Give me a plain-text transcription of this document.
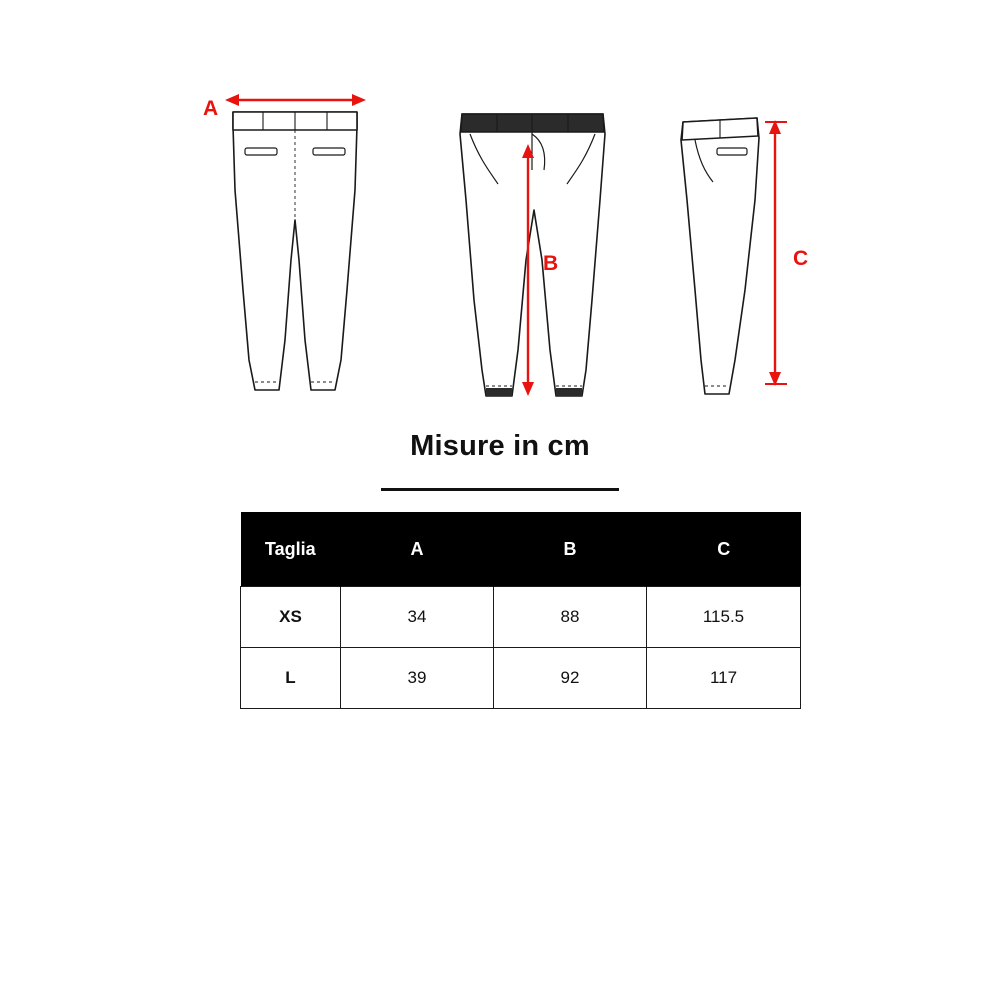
A
B	C
Misure in cm
Taglia	A	B	C
XS	34	88	115.5
L	39	92	117
